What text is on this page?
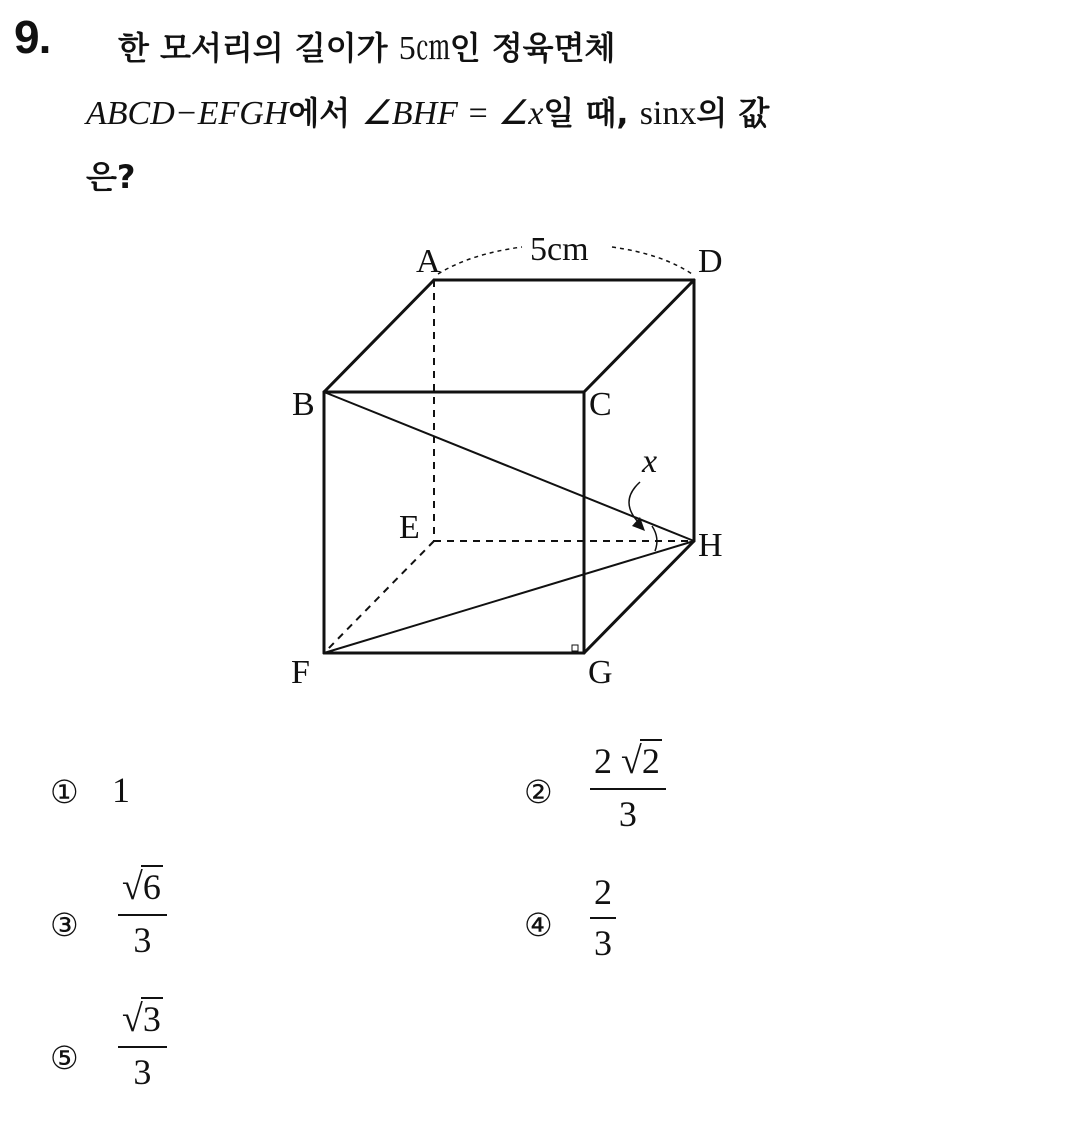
9. 한 모서리의 길이가 5㎝인 정육면체
ABCD−EFGH에서 ∠BHF = ∠x일 때, sinx의 값
은?
A	D
B	C
E	H
F	G
x
5cm
① 1	②
2 √2
3
③
√6
3	④
2
3
⑤
√3
3
